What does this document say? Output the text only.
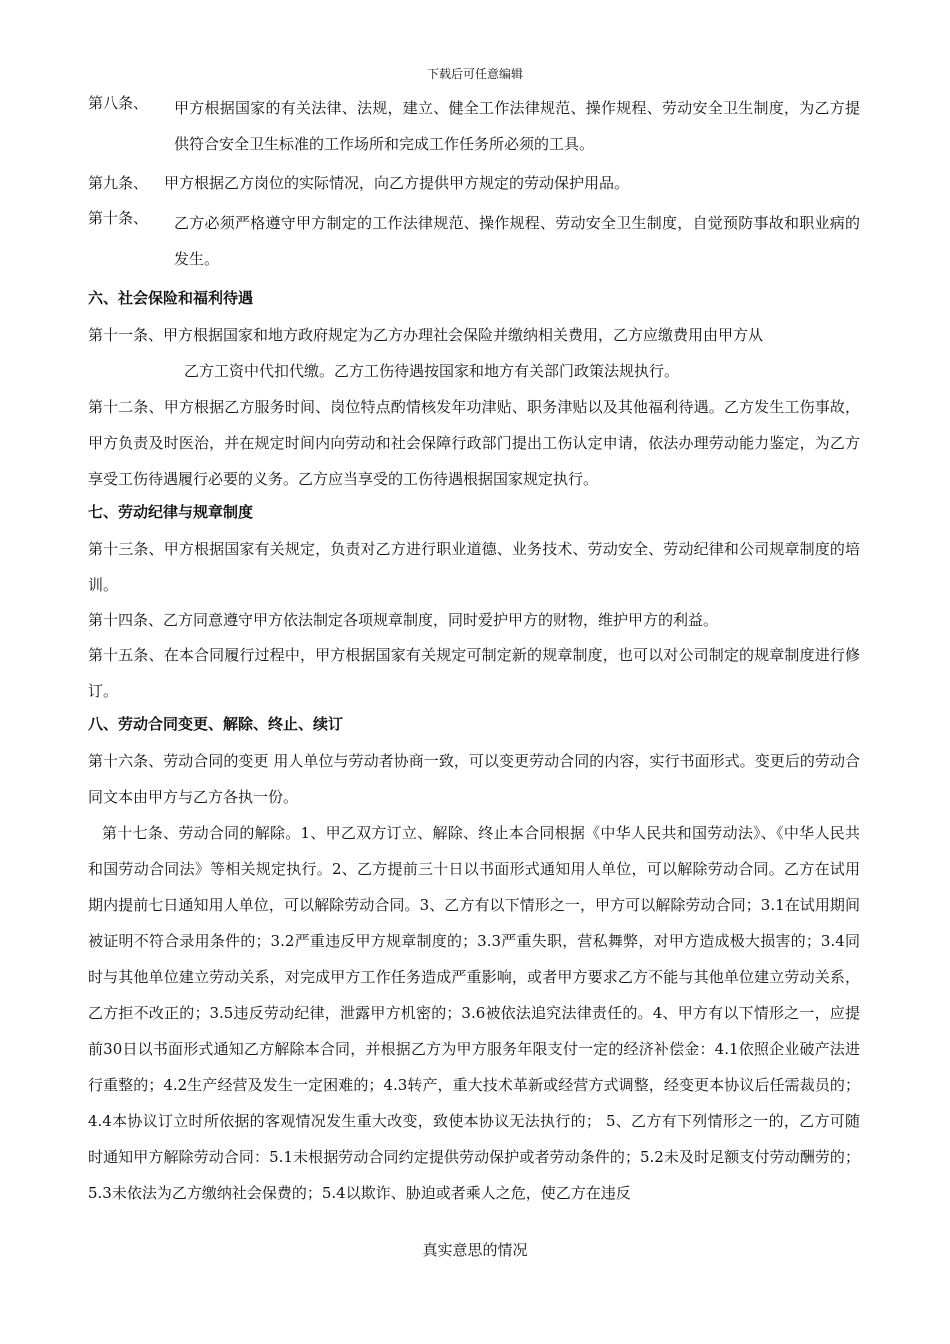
下载后可任意编辑
第八条、	甲方根据国家的有关法律、法规，建立、健全工作法律规范、操作规程、劳动安全卫生制度，为乙方提供符合安全卫生标准的工作场所和完成工作任务所必须的工具。
第九条、	甲方根据乙方岗位的实际情况，向乙方提供甲方规定的劳动保护用品。
第十条、	乙方必须严格遵守甲方制定的工作法律规范、操作规程、劳动安全卫生制度，自觉预防事故和职业病的发生。
六、社会保险和福利待遇
第十一条、甲方根据国家和地方政府规定为乙方办理社会保险并缴纳相关费用，乙方应缴费用由甲方从
乙方工资中代扣代缴。乙方工伤待遇按国家和地方有关部门政策法规执行。
第十二条、甲方根据乙方服务时间、岗位特点酌情核发年功津贴、职务津贴以及其他福利待遇。乙方发生工伤事故，甲方负责及时医治，并在规定时间内向劳动和社会保障行政部门提出工伤认定申请，依法办理劳动能力鉴定，为乙方享受工伤待遇履行必要的义务。乙方应当享受的工伤待遇根据国家规定执行。
七、劳动纪律与规章制度
第十三条、甲方根据国家有关规定，负责对乙方进行职业道德、业务技术、劳动安全、劳动纪律和公司规章制度的培训。
第十四条、乙方同意遵守甲方依法制定各项规章制度，同时爱护甲方的财物，维护甲方的利益。
第十五条、在本合同履行过程中，甲方根据国家有关规定可制定新的规章制度，也可以对公司制定的规章制度进行修订。
八、劳动合同变更、解除、终止、续订
第十六条、劳动合同的变更 用人单位与劳动者协商一致，可以变更劳动合同的内容，实行书面形式。变更后的劳动合同文本由甲方与乙方各执一份。
第十七条、劳动合同的解除。1、甲乙双方订立、解除、终止本合同根据《中华人民共和国劳动法》、《中华人民共和国劳动合同法》等相关规定执行。2、乙方提前三十日以书面形式通知用人单位，可以解除劳动合同。乙方在试用期内提前七日通知用人单位，可以解除劳动合同。3、乙方有以下情形之一，甲方可以解除劳动合同；3.1在试用期间被证明不符合录用条件的；3.2严重违反甲方规章制度的；3.3严重失职，营私舞弊，对甲方造成极大损害的；3.4同时与其他单位建立劳动关系，对完成甲方工作任务造成严重影响，或者甲方要求乙方不能与其他单位建立劳动关系，乙方拒不改正的；3.5违反劳动纪律，泄露甲方机密的；3.6被依法追究法律责任的。4、甲方有以下情形之一，应提前30日以书面形式通知乙方解除本合同，并根据乙方为甲方服务年限支付一定的经济补偿金：4.1依照企业破产法进行重整的；4.2生产经营及发生一定困难的；4.3转产，重大技术革新或经营方式调整，经变更本协议后任需裁员的；4.4本协议订立时所依据的客观情况发生重大改变，致使本协议无法执行的； 5、乙方有下列情形之一的，乙方可随时通知甲方解除劳动合同：5.1未根据劳动合同约定提供劳动保护或者劳动条件的；5.2未及时足额支付劳动酬劳的；5.3未依法为乙方缴纳社会保费的；5.4以欺诈、胁迫或者乘人之危，使乙方在违反
真实意思的情况
